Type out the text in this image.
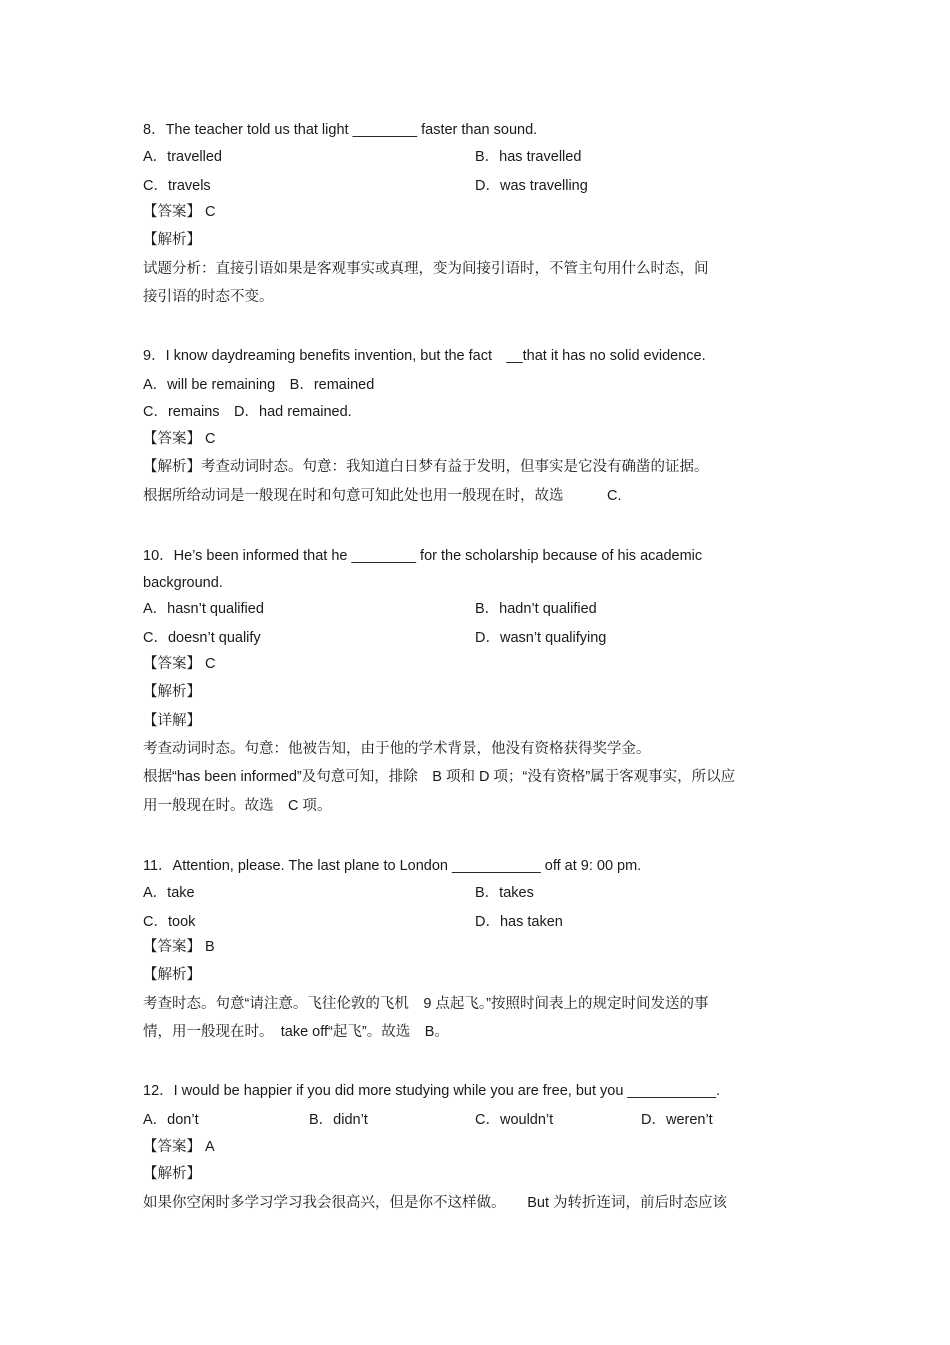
8．The teacher told us that light ________ faster than sound.
A．travelled	B．has travelled
C．travels	D．was travelling
【答案】 C
【解析】
试题分析：直接引语如果是客观事实或真理，变为间接引语时，不管主句用什么时态，间
接引语的时态不变。
9．I know daydreaming benefits invention, but the fact　__that it has no solid evidence.
A．will be remaining　B．remained
C．remains　D．had remained.
【答案】 C
【解析】考查动词时态。句意：我知道白日梦有益于发明，但事实是它没有确凿的证据。
根据所给动词是一般现在时和句意可知此处也用一般现在时，故选　　　C.
10．He’s been informed that he ________ for the scholarship because of his academic
background.
A．hasn’t qualified	B．hadn’t qualified
C．doesn’t qualify	D．wasn’t qualifying
【答案】 C
【解析】
【详解】
考查动词时态。句意：他被告知，由于他的学术背景，他没有资格获得奖学金。
根据“has been informed”及句意可知，排除　B 项和 D 项；“没有资格”属于客观事实，所以应
用一般现在时。故选　C 项。
11．Attention, please. The last plane to London ___________ off at 9: 00 pm.
A．take	B．takes
C．took	D．has taken
【答案】 B
【解析】
考查时态。句意“请注意。飞往伦敦的飞机　9 点起飞。”按照时间表上的规定时间发送的事
情，用一般现在时。　take off“起飞”。故选　B。
12．I would be happier if you did more studying while you are free, but you ___________.
A．don’t	B．didn’t	C．wouldn’t	D．weren’t
【答案】 A
【解析】
如果你空闲时多学习学习我会很高兴，但是你不这样做。　　But 为转折连词，前后时态应该
